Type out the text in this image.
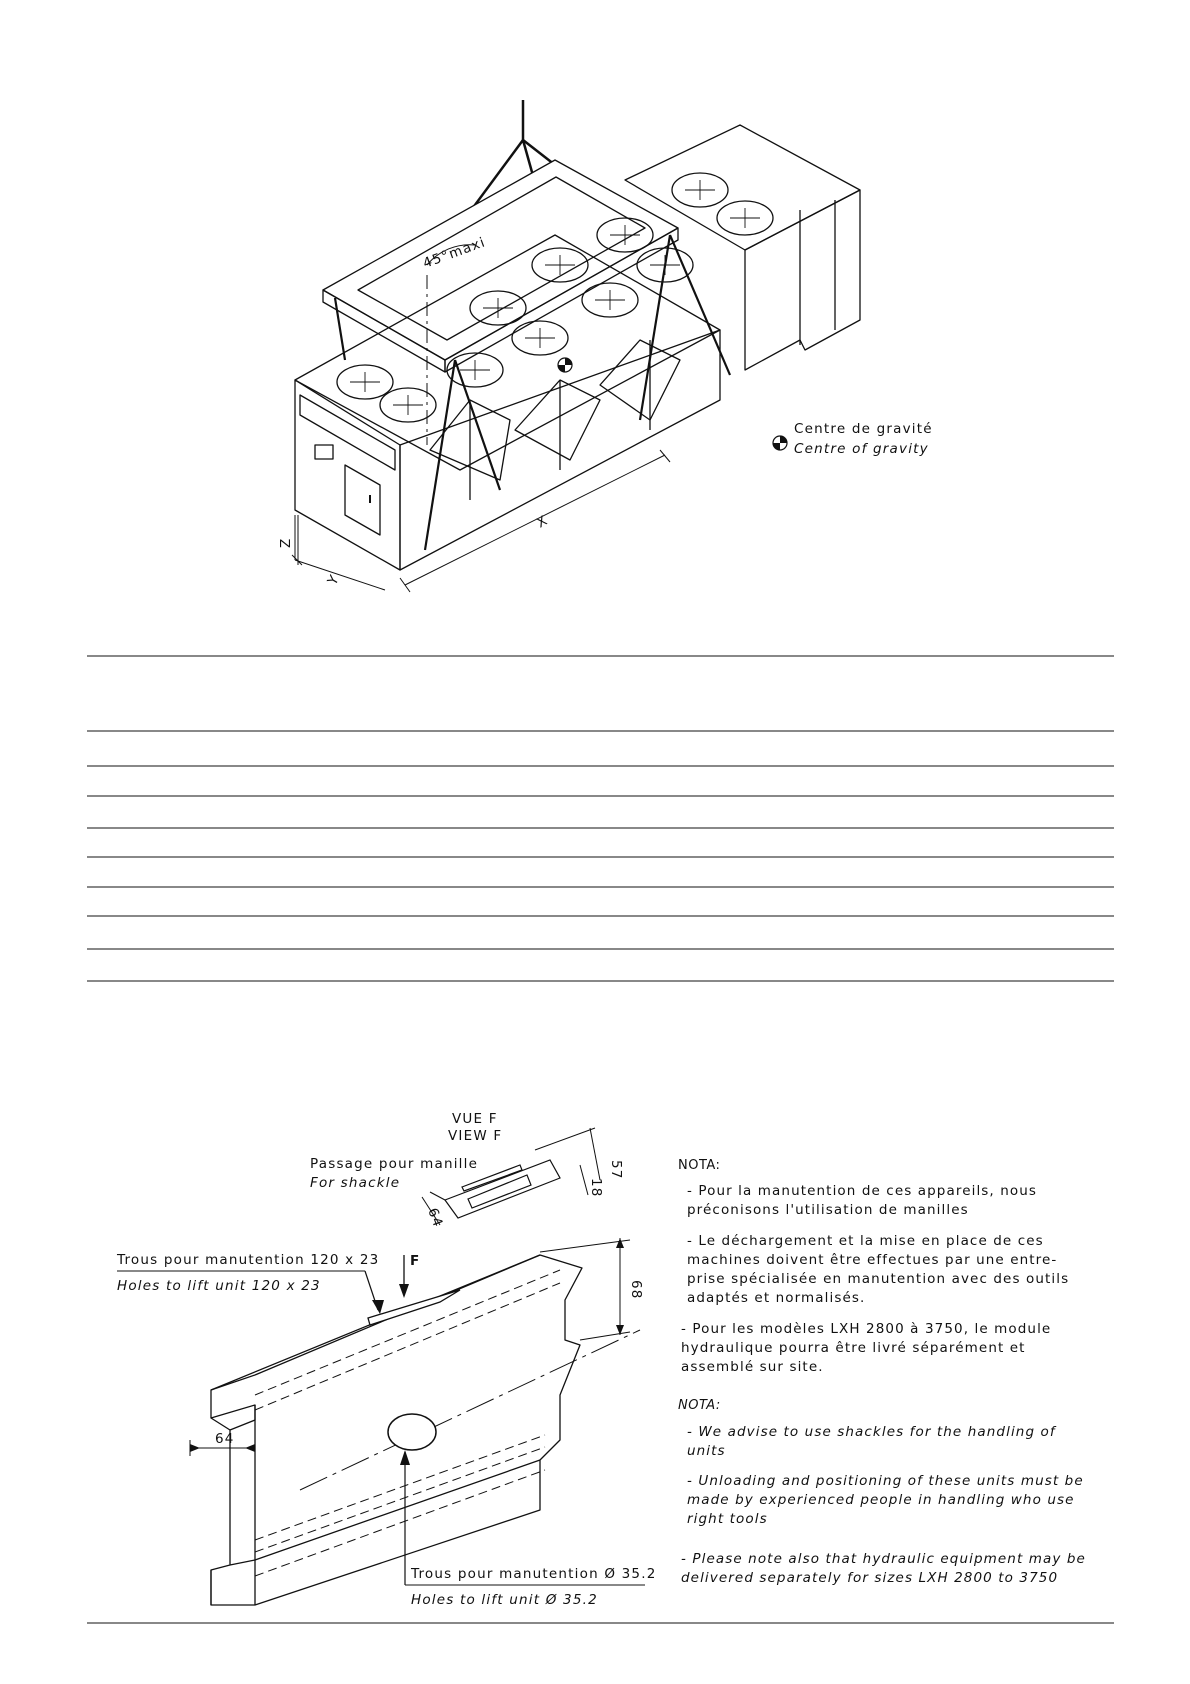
45°maxi
X
Y
Z
Centre de gravité
Centre of gravity
F
Trous pour manutention 120 x 23
Holes to lift unit 120 x 23	68
64
Trous pour manutention Ø 35.2
Holes to lift unit Ø 35.2
VUE F
VIEW F
Passage pour manille
For shackle
57
18
64
NOTA:

- Pour la manutention de ces appareils, nous préconisons l'utilisation de manilles

- Le déchargement et la mise en place de ces machines doivent être effectues par une entre-prise spécialisée en manutention avec des outils adaptés et normalisés.

- Pour les modèles LXH 2800 à 3750, le module hydraulique pourra être livré séparément et assemblé sur site.

NOTA:

- We advise to use shackles for the handling of units

- Unloading and positioning of these units must be made by experienced people in handling who use right tools

- Please note also that hydraulic equipment may be delivered separately for sizes LXH 2800 to 3750
